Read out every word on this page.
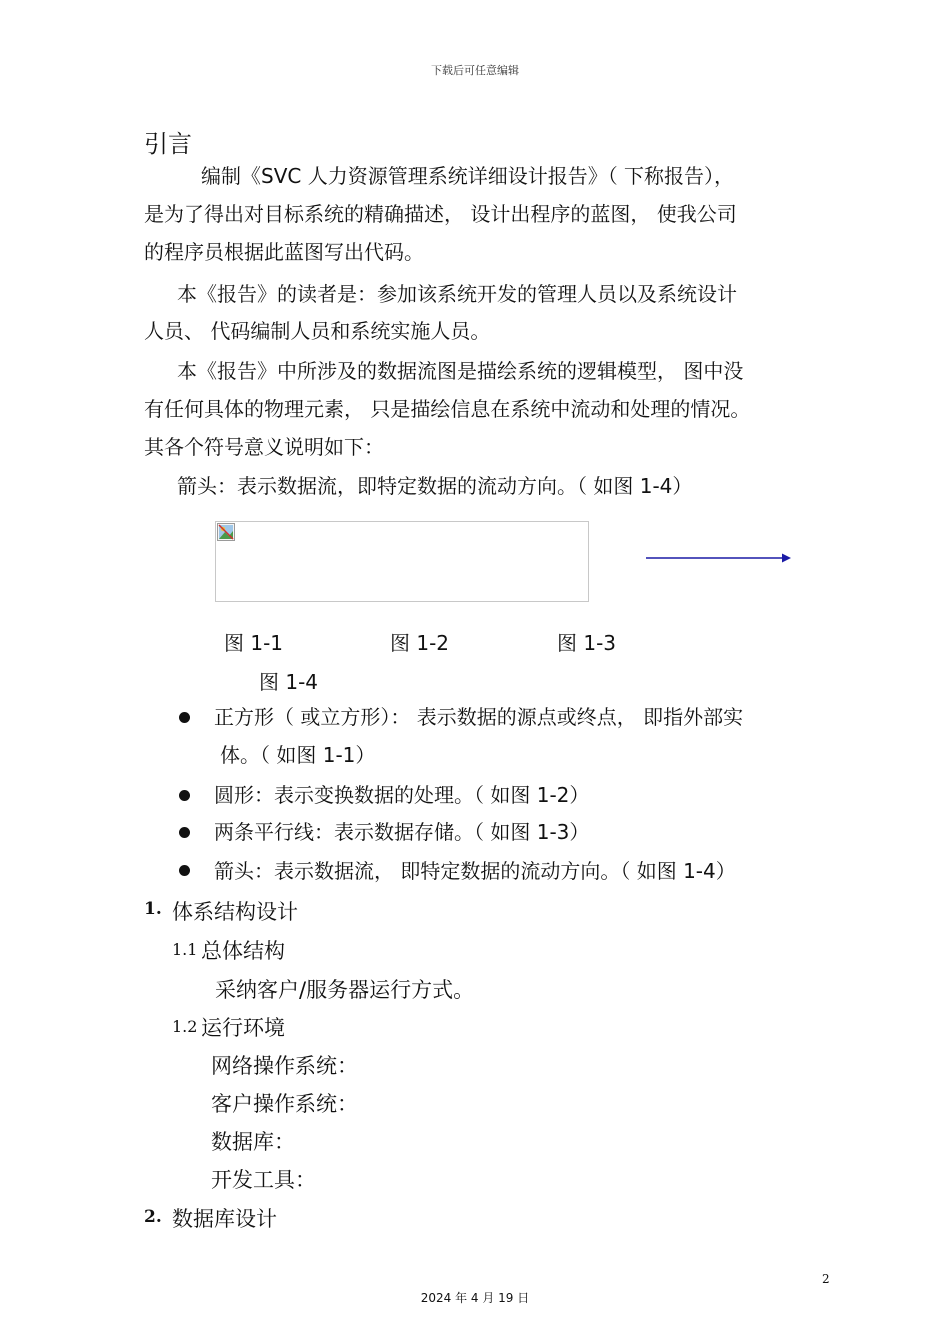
下载后可任意编辑
引言
编制《SVC 人力资源管理系统详细设计报告》（ 下称报告），
是为了得出对目标系统的精确描述， 设计出程序的蓝图， 使我公司
的程序员根据此蓝图写出代码。
本《报告》的读者是：参加该系统开发的管理人员以及系统设计
人员、 代码编制人员和系统实施人员。
本《报告》中所涉及的数据流图是描绘系统的逻辑模型， 图中没
有任何具体的物理元素， 只是描绘信息在系统中流动和处理的情况。
其各个符号意义说明如下：
箭头：表示数据流，即特定数据的流动方向。（ 如图 1-4）
图 1-1	图 1-2	图 1-3
图 1-4
正方形（ 或立方形）： 表示数据的源点或终点， 即指外部实
体。（ 如图 1-1）
圆形：表示变换数据的处理。（ 如图 1-2）
两条平行线：表示数据存储。（ 如图 1-3）
箭头：表示数据流， 即特定数据的流动方向。（ 如图 1-4）
1. 体系结构设计
1.1 总体结构
采纳客户/服务器运行方式。
1.2 运行环境
网络操作系统：
客户操作系统：
数据库：
开发工具：
2. 数据库设计
2
2024 年 4 月 19 日
